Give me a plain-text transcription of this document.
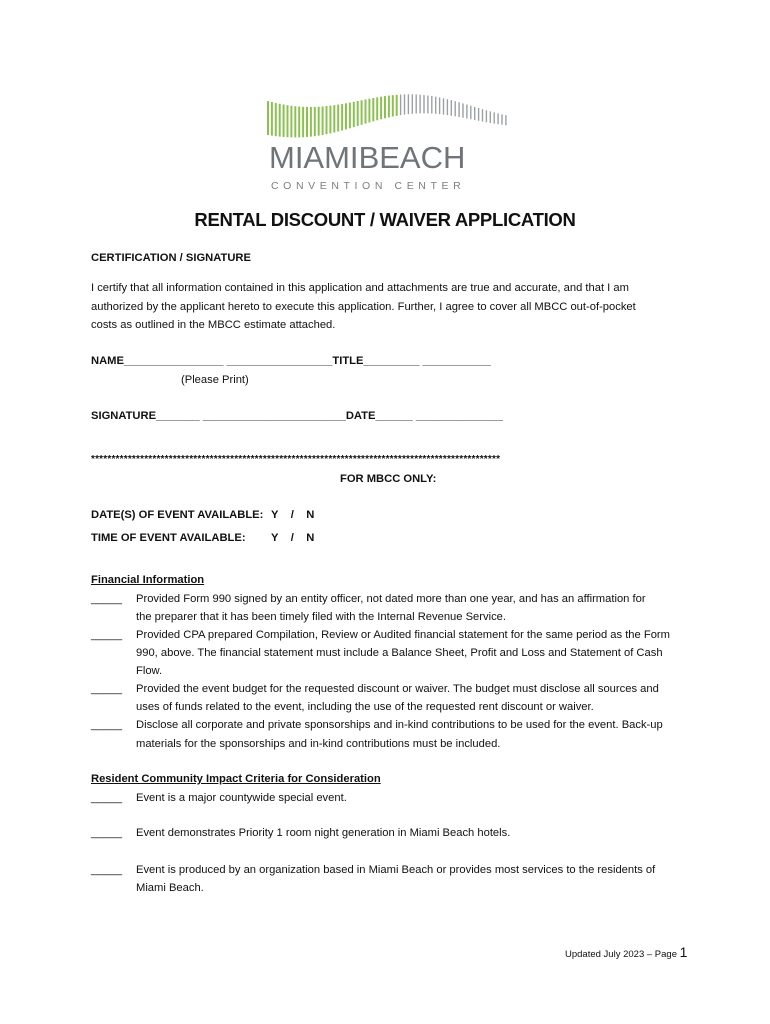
MIAMIBEACH
CONVENTION CENTER
RENTAL DISCOUNT / WAIVER APPLICATION
CERTIFICATION / SIGNATURE
I certify that all information contained in this application and attachments are true and accurate, and that I am
authorized by the applicant hereto to execute this application. Further, I agree to cover all MBCC out-of-pocket
costs as outlined in the MBCC estimate attached.
NAME________________ _________________TITLE_________ ___________
(Please Print)
SIGNATURE_______ _______________________DATE______ ______________
****************************************************************************************************
FOR MBCC ONLY:
DATE(S) OF EVENT AVAILABLE: Y    /    N
TIME OF EVENT AVAILABLE: Y    /    N
Financial Information
_____ Provided Form 990 signed by an entity officer, not dated more than one year, and has an affirmation for
the preparer that it has been timely filed with the Internal Revenue Service.
_____ Provided CPA prepared Compilation, Review or Audited financial statement for the same period as the Form
990, above. The financial statement must include a Balance Sheet, Profit and Loss and Statement of Cash
Flow.
_____ Provided the event budget for the requested discount or waiver. The budget must disclose all sources and
uses of funds related to the event, including the use of the requested rent discount or waiver.
_____ Disclose all corporate and private sponsorships and in-kind contributions to be used for the event. Back-up
materials for the sponsorships and in-kind contributions must be included.
Resident Community Impact Criteria for Consideration
_____ Event is a major countywide special event.
_____ Event demonstrates Priority 1 room night generation in Miami Beach hotels.
_____ Event is produced by an organization based in Miami Beach or provides most services to the residents of
Miami Beach.
Updated July 2023 – Page 1
